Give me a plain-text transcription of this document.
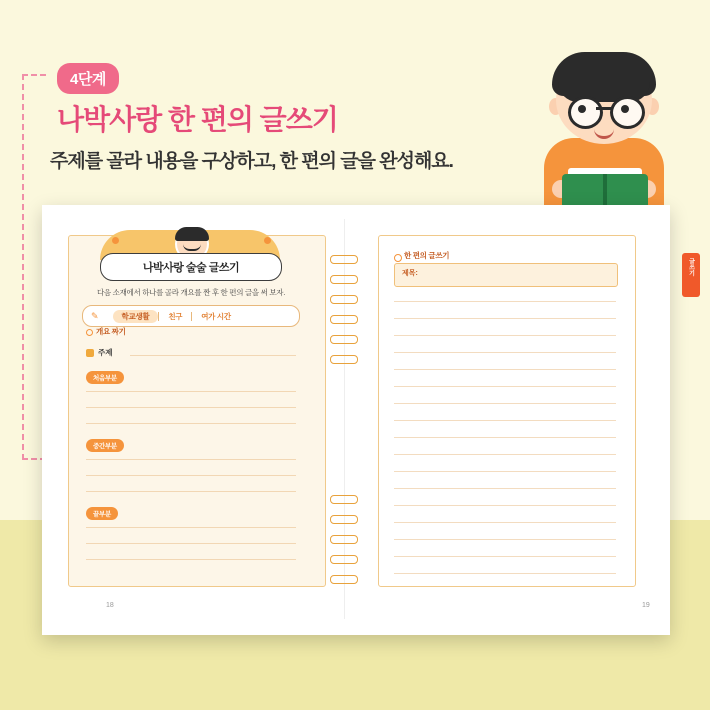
4단계
나박사랑 한 편의 글쓰기
주제를 골라 내용을 구상하고, 한 편의 글을 완성해요.
나박사랑 술술 글쓰기
다음 소재에서 하나를 골라 개요를 짠 후 한 편의 글을 써 보자.
✎	학교생활	친구	여가 시간
개요 짜기
주제
처음부분
중간부분
끝부분
18
한 편의 글쓰기
제목:	글쓰기
19
